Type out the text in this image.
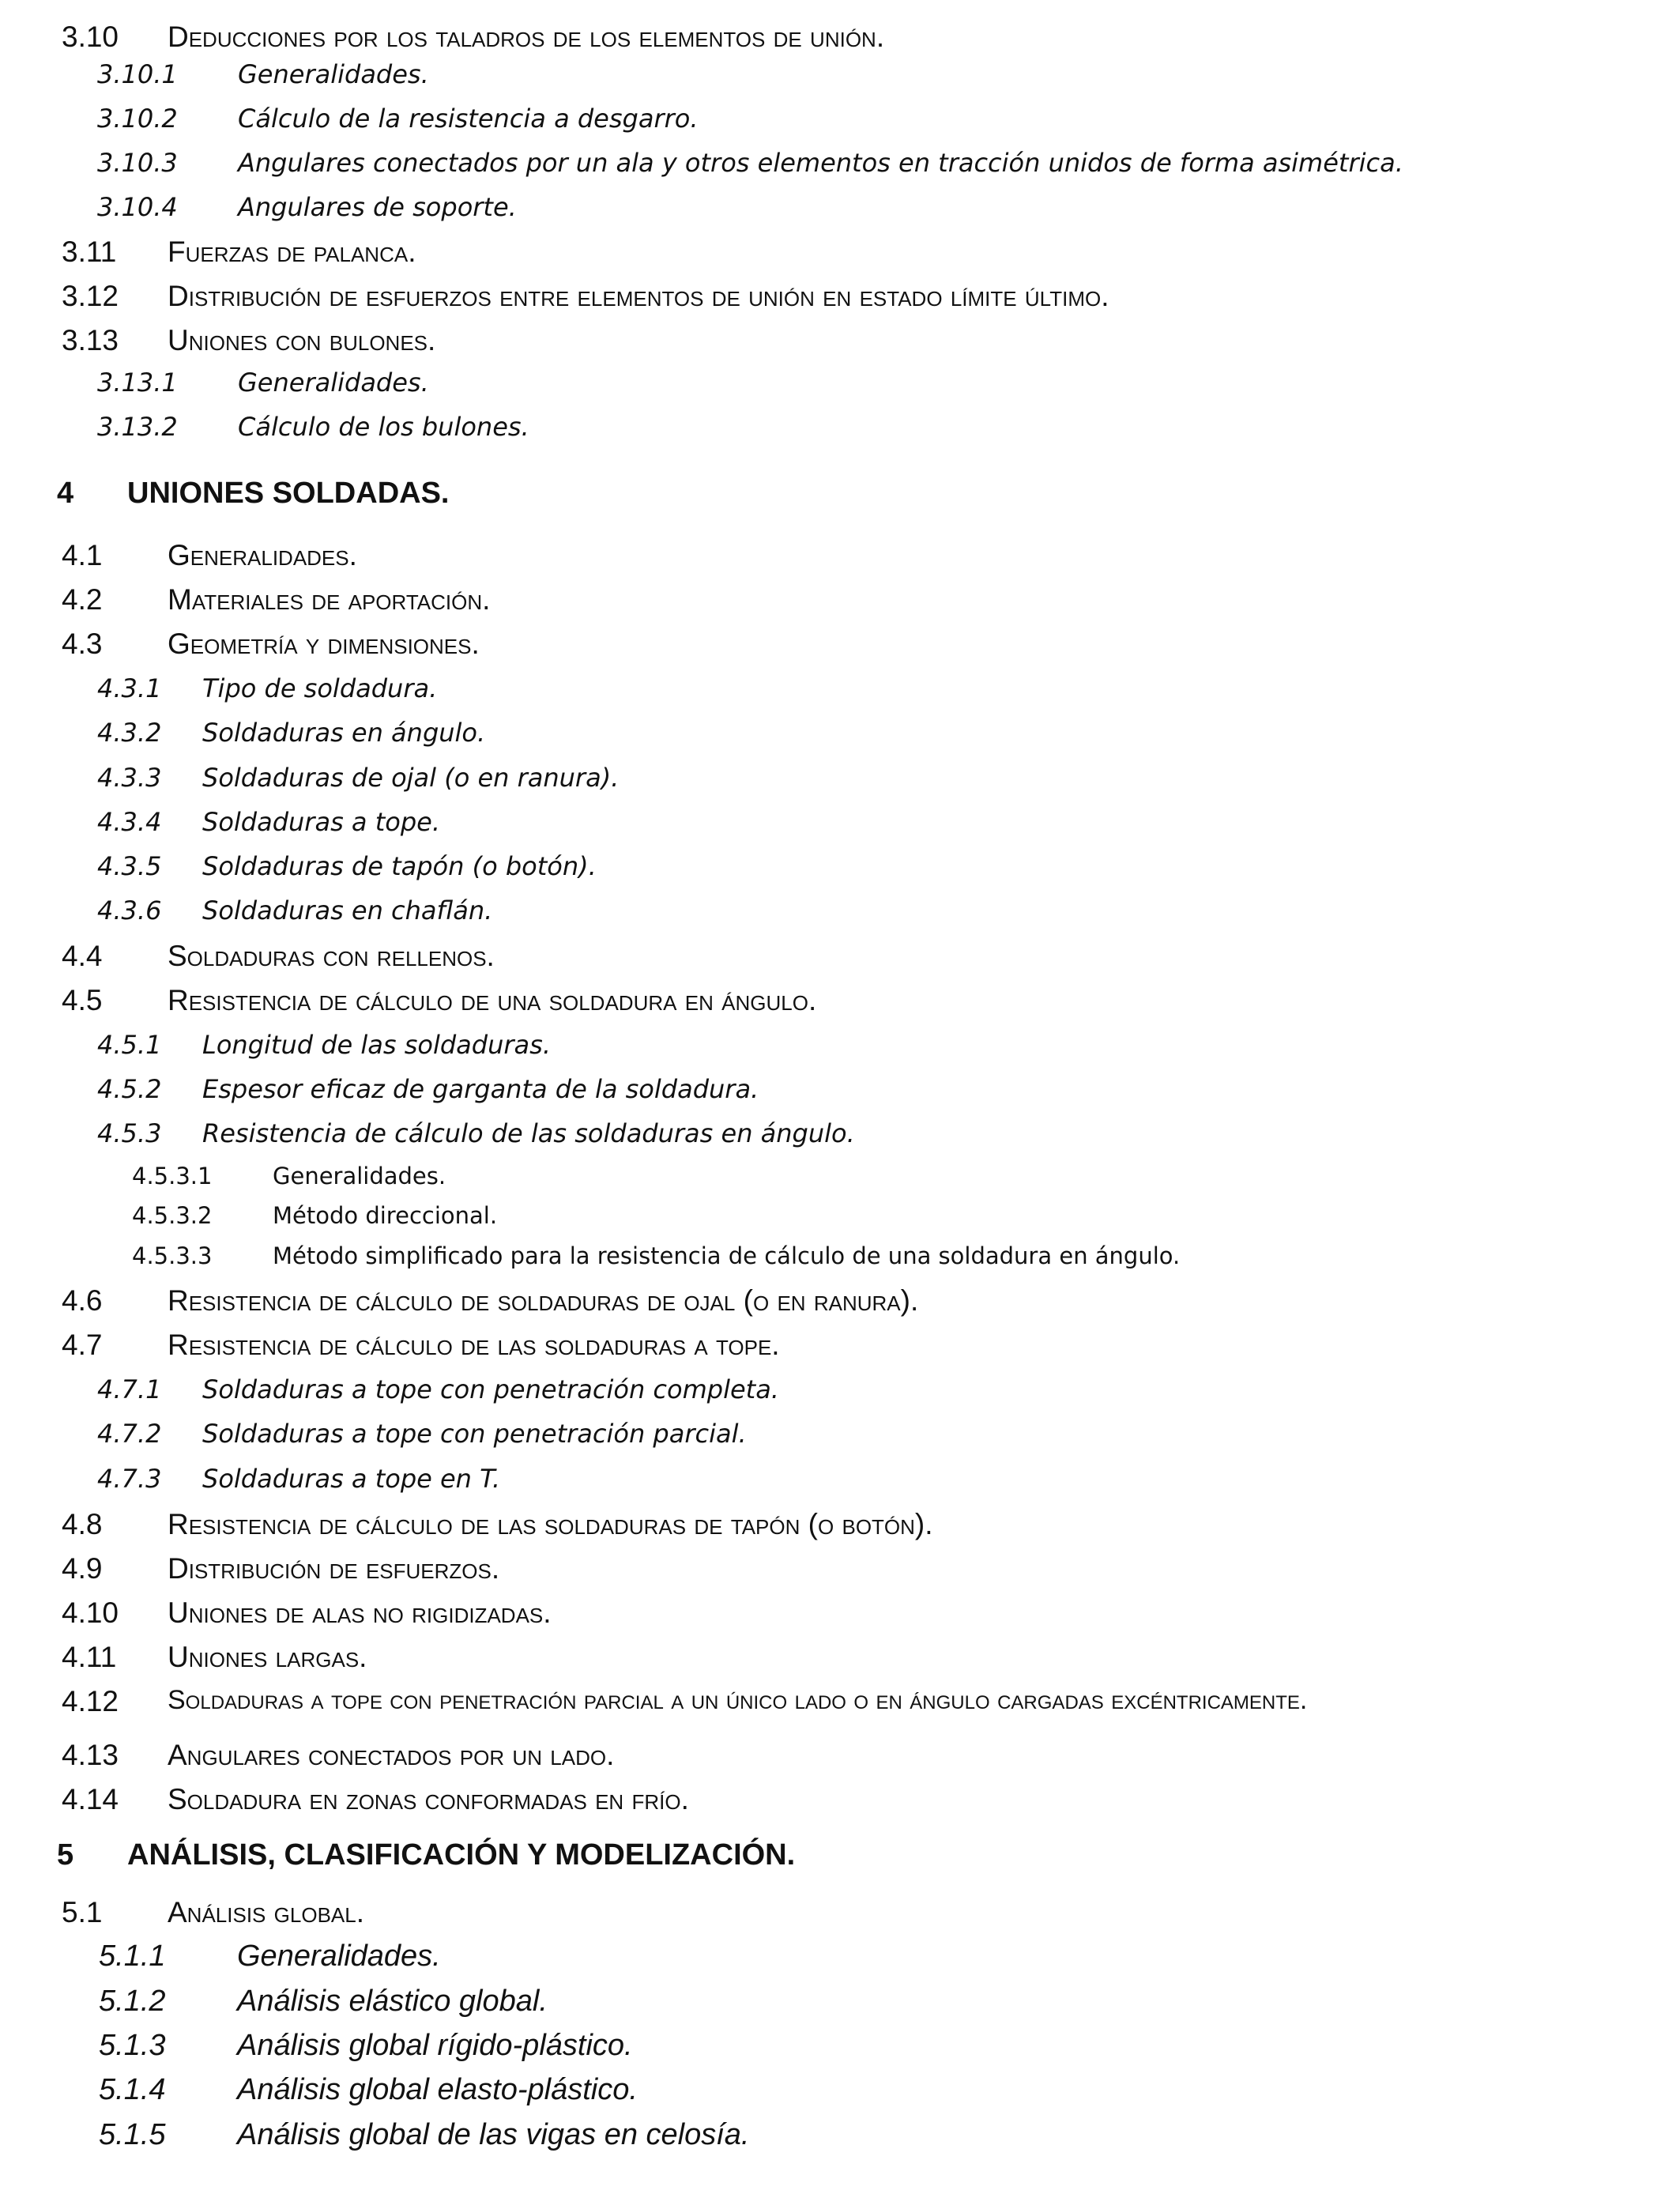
3.10 Deducciones por los taladros de los elementos de unión.
3.10.1 Generalidades.
3.10.2 Cálculo de la resistencia a desgarro.
3.10.3 Angulares conectados por un ala y otros elementos en tracción unidos de forma asimétrica.
3.10.4 Angulares de soporte.
3.11 Fuerzas de palanca.
3.12 Distribución de esfuerzos entre elementos de unión en estado límite último.
3.13 Uniones con bulones.
3.13.1 Generalidades.
3.13.2 Cálculo de los bulones.
4 UNIONES SOLDADAS.
4.1 Generalidades.
4.2 Materiales de aportación.
4.3 Geometría y dimensiones.
4.3.1 Tipo de soldadura.
4.3.2 Soldaduras en ángulo.
4.3.3 Soldaduras de ojal (o en ranura).
4.3.4 Soldaduras a tope.
4.3.5 Soldaduras de tapón (o botón).
4.3.6 Soldaduras en chaflán.
4.4 Soldaduras con rellenos.
4.5 Resistencia de cálculo de una soldadura en ángulo.
4.5.1 Longitud de las soldaduras.
4.5.2 Espesor eficaz de garganta de la soldadura.
4.5.3 Resistencia de cálculo de las soldaduras en ángulo.
4.5.3.1	Generalidades.
4.5.3.2	Método direccional.
4.5.3.3	Método simplificado para la resistencia de cálculo de una soldadura en ángulo.
4.6 Resistencia de cálculo de soldaduras de ojal (o en ranura).
4.7 Resistencia de cálculo de las soldaduras a tope.
4.7.1 Soldaduras a tope con penetración completa.
4.7.2 Soldaduras a tope con penetración parcial.
4.7.3 Soldaduras a tope en T.
4.8 Resistencia de cálculo de las soldaduras de tapón (o botón).
4.9 Distribución de esfuerzos.
4.10 Uniones de alas no rigidizadas.
4.11 Uniones largas.
4.12 Soldaduras a tope con penetración parcial a un único lado o en ángulo cargadas excéntricamente.
4.13 Angulares conectados por un lado.
4.14 Soldadura en zonas conformadas en frío.
5 ANÁLISIS, CLASIFICACIÓN Y MODELIZACIÓN.
5.1 Análisis global.
5.1.1 Generalidades.
5.1.2 Análisis elástico global.
5.1.3 Análisis global rígido-plástico.
5.1.4 Análisis global elasto-plástico.
5.1.5 Análisis global de las vigas en celosía.
